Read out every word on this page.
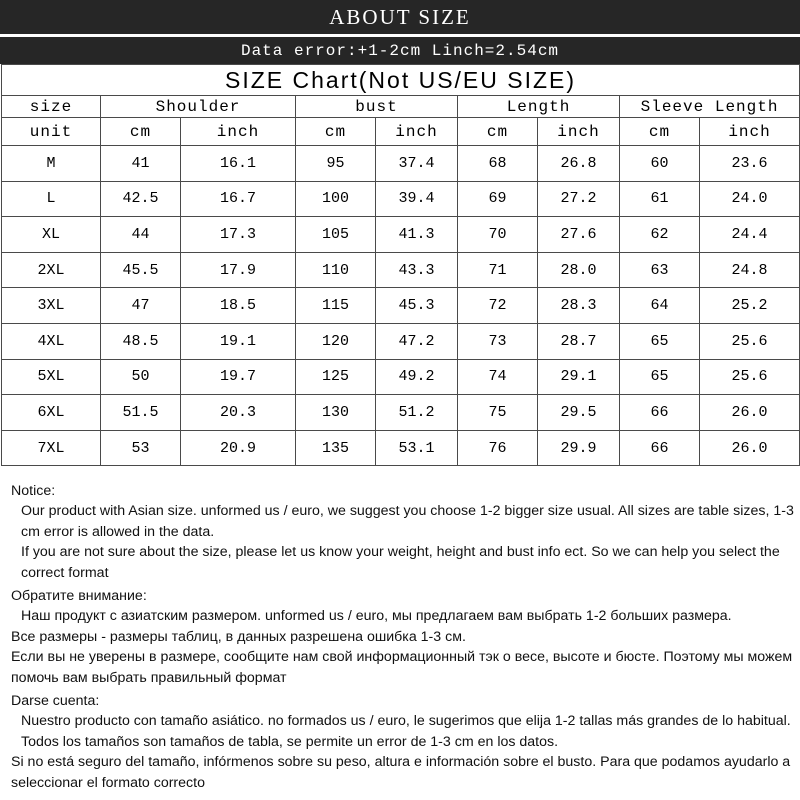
ABOUT SIZE
Data error:+1-2cm Linch=2.54cm
SIZE Chart(Not US/EU SIZE)								
size	Shoulder		bust		Length		Sleeve Length	
unit	cm	inch	cm	inch	cm	inch	cm	inch
M	41	16.1	95	37.4	68	26.8	60	23.6
L	42.5	16.7	100	39.4	69	27.2	61	24.0
XL	44	17.3	105	41.3	70	27.6	62	24.4
2XL	45.5	17.9	110	43.3	71	28.0	63	24.8
3XL	47	18.5	115	45.3	72	28.3	64	25.2
4XL	48.5	19.1	120	47.2	73	28.7	65	25.6
5XL	50	19.7	125	49.2	74	29.1	65	25.6
6XL	51.5	20.3	130	51.2	75	29.5	66	26.0
7XL	53	20.9	135	53.1	76	29.9	66	26.0

Notice:

Our product with Asian size. unformed us / euro, we suggest you choose 1-2 bigger size usual. All sizes are table sizes, 1-3 cm error is allowed in the data.

If you are not sure about the size, please let us know your weight, height and bust info ect. So we can help you select the correct format

Обратите внимание:

Наш продукт с азиатским размером. unformed us / euro, мы предлагаем вам выбрать 1-2 больших размера.

Все размеры - размеры таблиц, в данных разрешена ошибка 1-3 см.

Если вы не уверены в размере, сообщите нам свой информационный тэк о весе, высоте и бюсте. Поэтому мы можем помочь вам выбрать правильный формат

Darse cuenta:

Nuestro producto con tamaño asiático. no formados us / euro, le sugerimos que elija 1-2 tallas más grandes de lo habitual. Todos los tamaños son tamaños de tabla, se permite un error de 1-3 cm en los datos.

Si no está seguro del tamaño, infórmenos sobre su peso, altura e información sobre el busto. Para que podamos ayudarlo a seleccionar el formato correcto
